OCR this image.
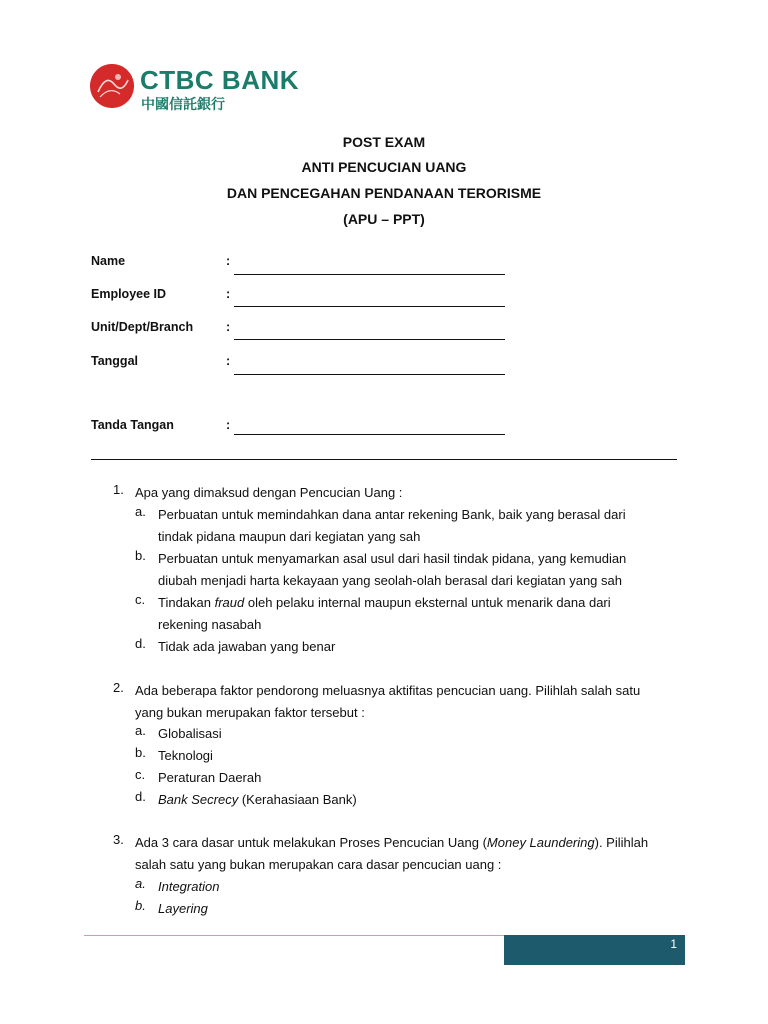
CTBC BANK
中國信託銀行
POST EXAM
ANTI PENCUCIAN UANG
DAN PENCEGAHAN PENDANAAN TERORISME
(APU – PPT)
Name	:
Employee ID	:
Unit/Dept/Branch	:
Tanggal	:
Tanda Tangan	:
1. Apa yang dimaksud dengan Pencucian Uang :
a. Perbuatan untuk memindahkan dana antar rekening Bank, baik yang berasal dari
tindak pidana maupun dari kegiatan yang sah
b. Perbuatan untuk menyamarkan asal usul dari hasil tindak pidana, yang kemudian
diubah menjadi harta kekayaan yang seolah-olah berasal dari kegiatan yang sah
c. Tindakan fraud oleh pelaku internal maupun eksternal untuk menarik dana dari
rekening nasabah
d. Tidak ada jawaban yang benar
2. Ada beberapa faktor pendorong meluasnya aktifitas pencucian uang. Pilihlah salah satu
yang bukan merupakan faktor tersebut :
a. Globalisasi
b. Teknologi
c. Peraturan Daerah
d. Bank Secrecy (Kerahasiaan Bank)
3. Ada 3 cara dasar untuk melakukan Proses Pencucian Uang (Money Laundering). Pilihlah
salah satu yang bukan merupakan cara dasar pencucian uang :
a. Integration
b. Layering
1
